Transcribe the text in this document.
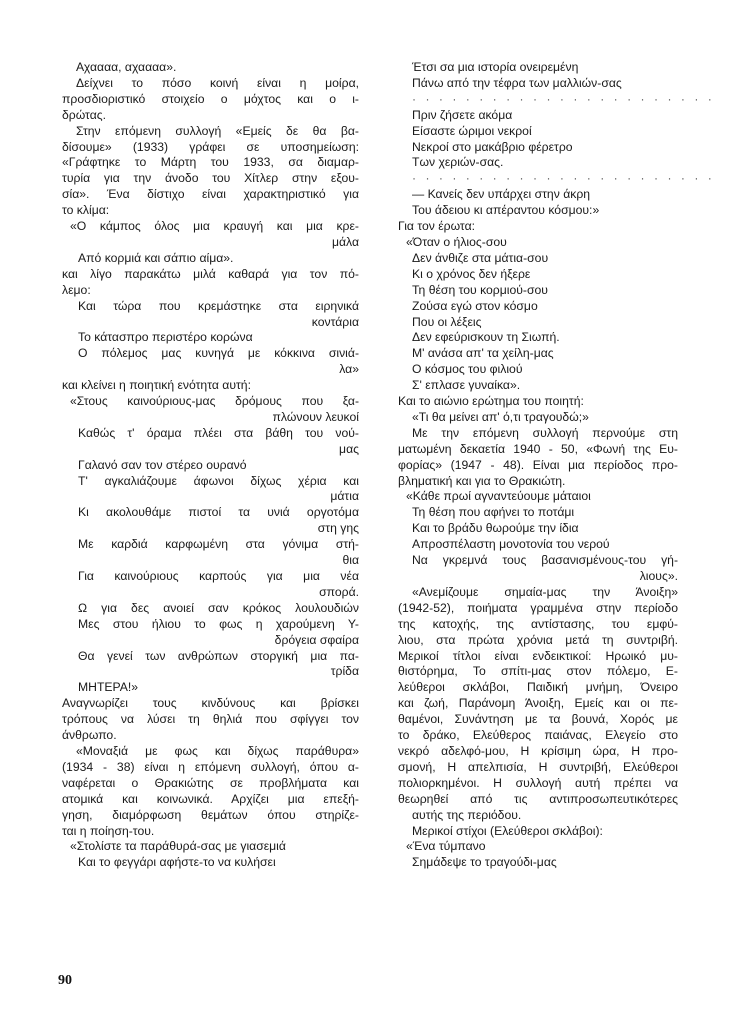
Αχαααα, αχαααα».
Δείχνει το πόσο κοινή είναι η μοίρα,
προσδιοριστικό στοιχείο ο μόχτος και ο ι-
δρώτας.
Στην επόμενη συλλογή «Εμείς δε θα βα-
δίσουμε» (1933) γράφει σε υποσημείωση:
«Γράφτηκε το Μάρτη του 1933, σα διαμαρ-
τυρία για την άνοδο του Χίτλερ στην εξου-
σία». Ένα δίστιχο είναι χαρακτηριστικό για
το κλίμα:
«Ο κάμπος όλος μια κραυγή και μια κρε-
μάλα
Από κορμιά και σάπιο αίμα».
και λίγο παρακάτω μιλά καθαρά για τον πό-
λεμο:
Και τώρα που κρεμάστηκε στα ειρηνικά
κοντάρια
Το κάτασπρο περιστέρο κορώνα
Ο πόλεμος μας κυνηγά με κόκκινα σινιά-
λα»
και κλείνει η ποιητική ενότητα αυτή:
«Στους καινούριους-μας δρόμους που ξα-
πλώνουν λευκοί
Καθώς τ' όραμα πλέει στα βάθη του νού-
μας
Γαλανό σαν τον στέρεο ουρανό
Τ' αγκαλιάζουμε άφωνοι δίχως χέρια και
μάτια
Κι ακολουθάμε πιστοί τα υνιά οργοτόμα
στη γης
Με καρδιά καρφωμένη στα γόνιμα στή-
θια
Για καινούριους καρπούς για μια νέα
σπορά.
Ω για δες ανοιεί σαν κρόκος λουλουδιών
Μες στου ήλιου το φως η χαρούμενη Υ-
δρόγεια σφαίρα
Θα γενεί των ανθρώπων στοργική μια πα-
τρίδα
ΜΗΤΕΡΑ!»
Αναγνωρίζει τους κινδύνους και βρίσκει
τρόπους να λύσει τη θηλιά που σφίγγει τον
άνθρωπο.
«Μοναξιά με φως και δίχως παράθυρα»
(1934 - 38) είναι η επόμενη συλλογή, όπου α-
ναφέρεται ο Θρακιώτης σε προβλήματα και
ατομικά και κοινωνικά. Αρχίζει μια επεξή-
γηση, διαμόρφωση θεμάτων όπου στηρίζε-
ται η ποίηση-του.
«Στολίστε τα παράθυρά-σας με γιασεμιά
Και το φεγγάρι αφήστε-το να κυλήσει
Έτσι σα μια ιστορία ονειρεμένη
Πάνω από την τέφρα των μαλλιών-σας
· · · · · · · · · · · · · · · · · · · · · · ·
Πριν ζήσετε ακόμα
Είσαστε ώριμοι νεκροί
Νεκροί στο μακάβριο φέρετρο
Των χεριών-σας.
· · · · · · · · · · · · · · · · · · · · · · ·
— Κανείς δεν υπάρχει στην άκρη
Του άδειου κι απέραντου κόσμου:»
Για τον έρωτα:
«Όταν ο ήλιος-σου
Δεν άνθιζε στα μάτια-σου
Κι ο χρόνος δεν ήξερε
Τη θέση του κορμιού-σου
Ζούσα εγώ στον κόσμο
Που οι λέξεις
Δεν εφεύρισκουν τη Σιωπή.
Μ' ανάσα απ' τα χείλη-μας
Ο κόσμος του φιλιού
Σ' επλασε γυναίκα».
Και το αιώνιο ερώτημα του ποιητή:
«Τι θα μείνει απ' ό,τι τραγουδώ;»
Με την επόμενη συλλογή περνούμε στη
ματωμένη δεκαετία 1940 - 50, «Φωνή της Ευ-
φορίας» (1947 - 48). Είναι μια περίοδος προ-
βληματική και για το Θρακιώτη.
«Κάθε πρωί αγναντεύουμε μάταιοι
Τη θέση που αφήνει το ποτάμι
Και το βράδυ θωρούμε την ίδια
Απροσπέλαστη μονοτονία του νερού
Να γκρεμνά τους βασανισμένους-του γή-
λιους».
«Ανεμίζουμε σημαία-μας την Άνοιξη»
(1942-52), ποιήματα γραμμένα στην περίοδο
της κατοχής, της αντίστασης, του εμφύ-
λιου, στα πρώτα χρόνια μετά τη συντριβή.
Μερικοί τίτλοι είναι ενδεικτικοί: Ηρωικό μυ-
θιστόρημα, Το σπίτι-μας στον πόλεμο, Ε-
λεύθεροι σκλάβοι, Παιδική μνήμη, Όνειρο
και ζωή, Παράνομη Άνοιξη, Εμείς και οι πε-
θαμένοι, Συνάντηση με τα βουνά, Χορός με
το δράκο, Ελεύθερος παιάνας, Ελεγείο στο
νεκρό αδελφό-μου, Η κρίσιμη ώρα, Η προ-
σμονή, Η απελπισία, Η συντριβή, Ελεύθεροι
πολιορκημένοι. Η συλλογή αυτή πρέπει να
θεωρηθεί από τις αντιπροσωπευτικότερες
αυτής της περιόδου.
Μερικοί στίχοι (Ελεύθεροι σκλάβοι):
«Ένα τύμπανο
Σημάδεψε το τραγούδι-μας
90
